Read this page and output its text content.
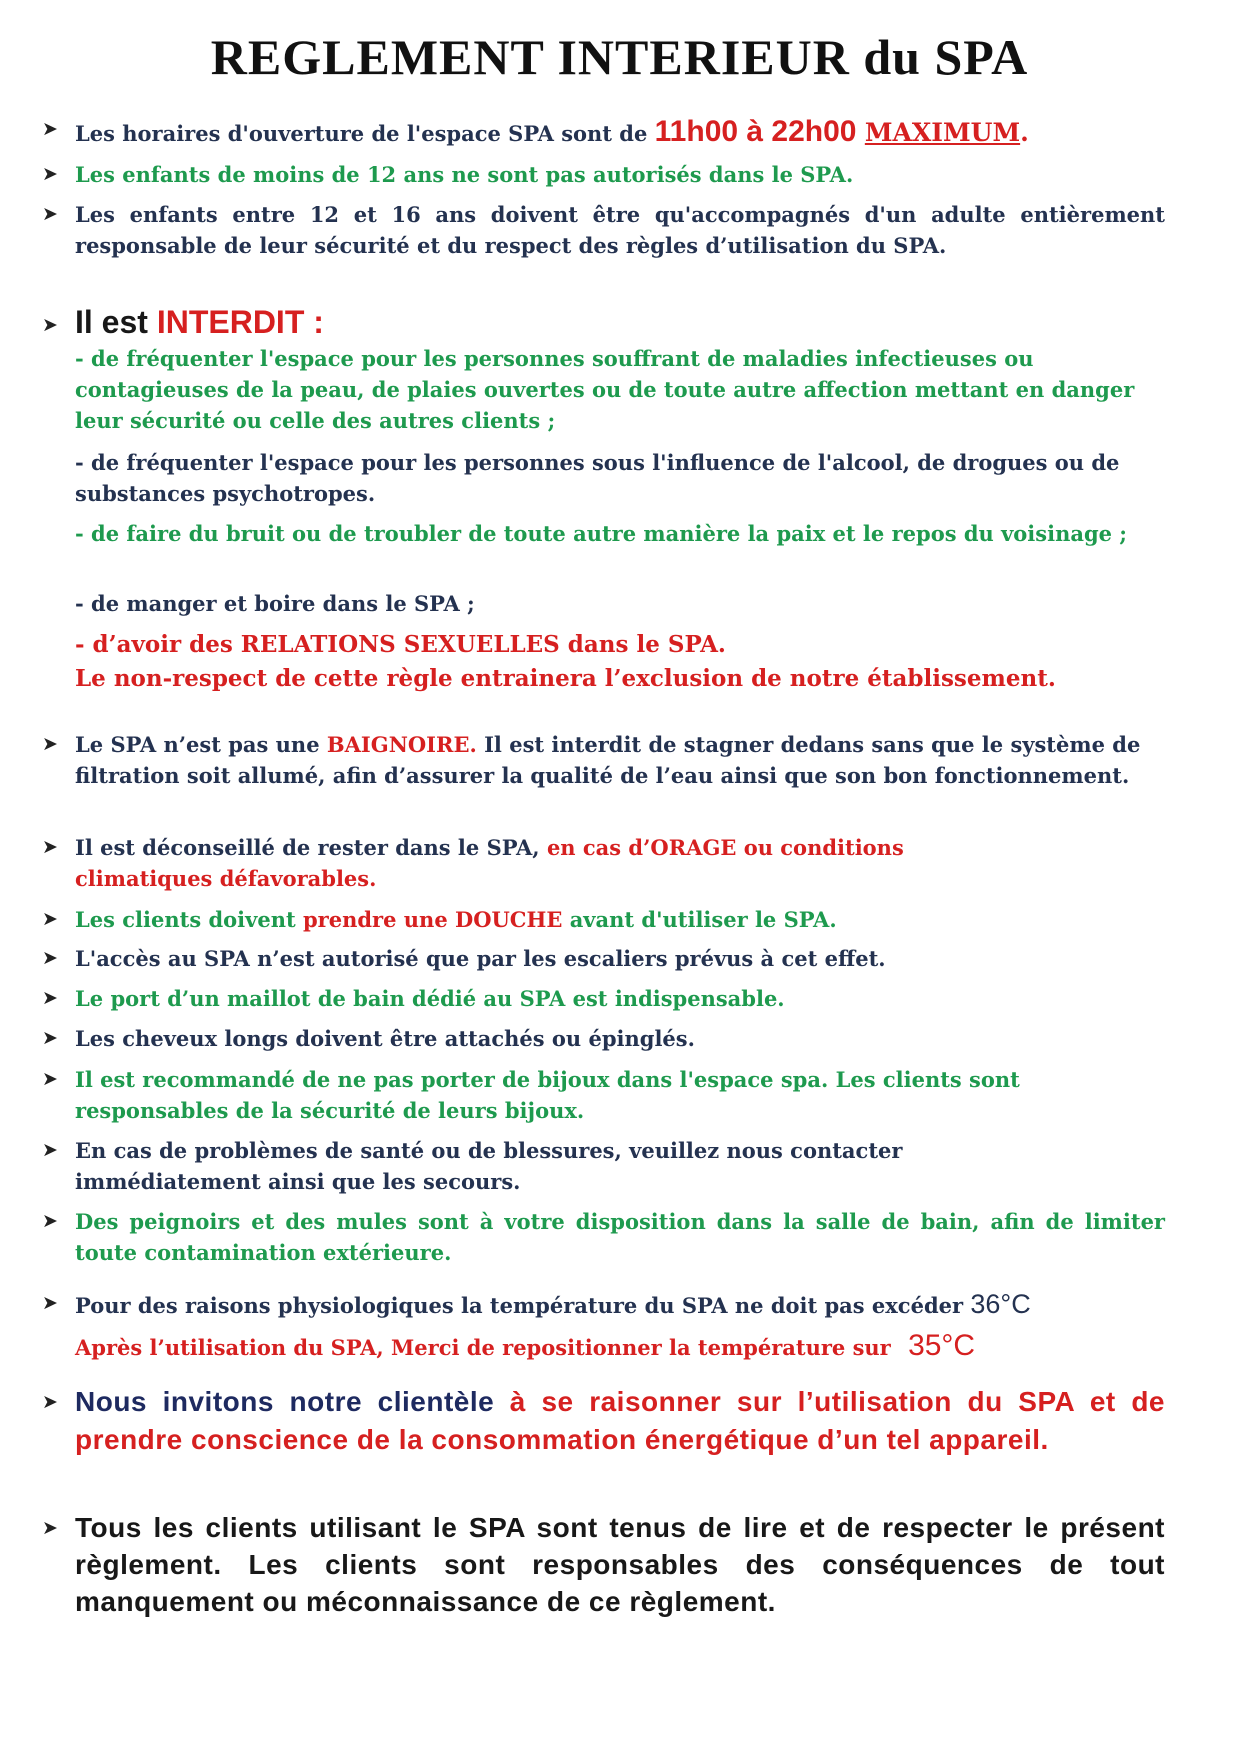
REGLEMENT INTERIEUR du SPA
➤ Les horaires d'ouverture de l'espace SPA sont de 11h00 à 22h00 MAXIMUM.
➤ Les enfants de moins de 12 ans ne sont pas autorisés dans le SPA.
➤ Les enfants entre 12 et 16 ans doivent être qu'accompagnés d'un adulte entièrement responsable de leur sécurité et du respect des règles d’utilisation du SPA.
➤ Il est INTERDIT :
- de fréquenter l'espace pour les personnes souffrant de maladies infectieuses ou contagieuses de la peau, de plaies ouvertes ou de toute autre affection mettant en danger leur sécurité ou celle des autres clients ;
- de fréquenter l'espace pour les personnes sous l'influence de l'alcool, de drogues ou de substances psychotropes.
- de faire du bruit ou de troubler de toute autre manière la paix et le repos du voisinage ;
- de manger et boire dans le SPA ;
- d’avoir des RELATIONS SEXUELLES dans le SPA.
Le non-respect de cette règle entrainera l’exclusion de notre établissement.
➤ Le SPA n’est pas une BAIGNOIRE. Il est interdit de stagner dedans sans que le système de filtration soit allumé, afin d’assurer la qualité de l’eau ainsi que son bon fonctionnement.
➤ Il est déconseillé de rester dans le SPA, en cas d’ORAGE ou conditions climatiques défavorables.
➤ Les clients doivent prendre une DOUCHE avant d'utiliser le SPA.
➤ L'accès au SPA n’est autorisé que par les escaliers prévus à cet effet.
➤ Le port d’un maillot de bain dédié au SPA est indispensable.
➤ Les cheveux longs doivent être attachés ou épinglés.
➤ Il est recommandé de ne pas porter de bijoux dans l'espace spa. Les clients sont responsables de la sécurité de leurs bijoux.
➤ En cas de problèmes de santé ou de blessures, veuillez nous contacter immédiatement ainsi que les secours.
➤ Des peignoirs et des mules sont à votre disposition dans la salle de bain, afin de limiter toute contamination extérieure.
➤ Pour des raisons physiologiques la température du SPA ne doit pas excéder 36°C
Après l’utilisation du SPA, Merci de repositionner la température sur 35°C
➤ Nous invitons notre clientèle à se raisonner sur l’utilisation du SPA et de prendre conscience de la consommation énergétique d’un tel appareil.
➤ Tous les clients utilisant le SPA sont tenus de lire et de respecter le présent règlement. Les clients sont responsables des conséquences de tout manquement ou méconnaissance de ce règlement.
